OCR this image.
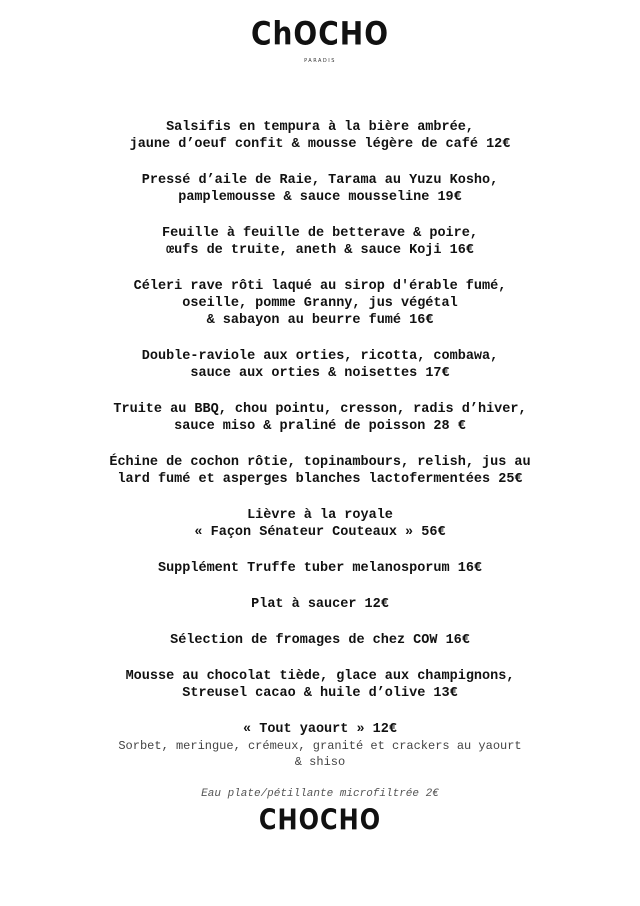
ChOCHO
PARADIS
Salsifis en tempura à la bière ambrée,
jaune d’oeuf confit & mousse légère de café 12€
Pressé d’aile de Raie, Tarama au Yuzu Kosho,
pamplemousse & sauce mousseline 19€
Feuille à feuille de betterave & poire,
œufs de truite, aneth & sauce Koji 16€
Céleri rave rôti laqué au sirop d'érable fumé,
oseille, pomme Granny, jus végétal
& sabayon au beurre fumé 16€
Double-raviole aux orties, ricotta, combawa,
sauce aux orties & noisettes 17€
Truite au BBQ, chou pointu, cresson, radis d’hiver,
sauce miso & praliné de poisson 28 €
Échine de cochon rôtie, topinambours, relish, jus au
lard fumé et asperges blanches lactofermentées 25€
Lièvre à la royale
« Façon Sénateur Couteaux » 56€
Supplément Truffe tuber melanosporum 16€
Plat à saucer 12€
Sélection de fromages de chez COW 16€
Mousse au chocolat tiède, glace aux champignons,
Streusel cacao & huile d’olive 13€
« Tout yaourt » 12€
Sorbet, meringue, crémeux, granité et crackers au yaourt
& shiso
Eau plate/pétillante microfiltrée 2€
CHOCHO
